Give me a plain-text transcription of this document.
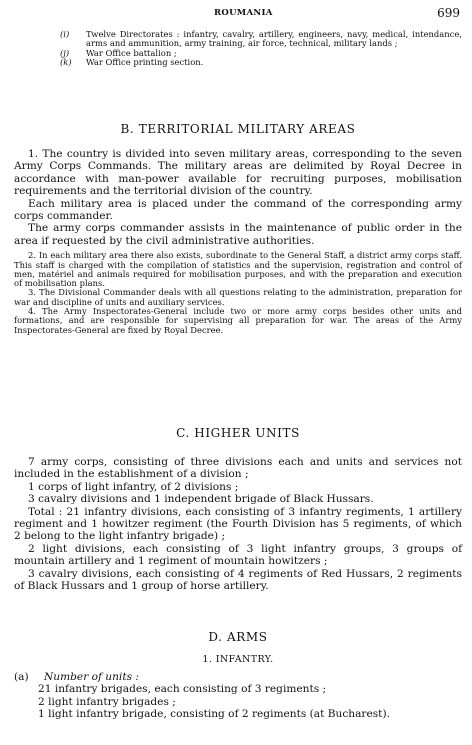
ROUMANIA	699

(i) Twelve Directorates : infantry, cavalry, artillery, engineers, navy, medical, intendance, arms and ammunition, army training, air force, technical, military lands ;

(j) War Office battalion ;

(k) War Office printing section.

B. TERRITORIAL MILITARY AREAS

1. The country is divided into seven military areas, corresponding to the seven Army Corps Commands. The military areas are delimited by Royal Decree in accordance with man-power available for recruiting purposes, mobilisation requirements and the territorial division of the country.

Each military area is placed under the command of the corresponding army corps commander.

The army corps commander assists in the maintenance of public order in the area if requested by the civil administrative authorities.

2. In each military area there also exists, subordinate to the General Staff, a district army corps staff. This staff is charged with the compilation of statistics and the supervision, registration and control of men, matériel and animals required for mobilisation purposes, and with the preparation and execution of mobilisation plans.

3. The Divisional Commander deals with all questions relating to the administration, preparation for war and discipline of units and auxiliary services.

4. The Army Inspectorates-General include two or more army corps besides other units and formations, and are responsible for supervising all preparation for war. The areas of the Army Inspectorates-General are fixed by Royal Decree.

C. HIGHER UNITS

7 army corps, consisting of three divisions each and units and services not included in the establishment of a division ;

1 corps of light infantry, of 2 divisions ;

3 cavalry divisions and 1 independent brigade of Black Hussars.

Total : 21 infantry divisions, each consisting of 3 infantry regiments, 1 artillery regiment and 1 howitzer regiment (the Fourth Division has 5 regiments, of which 2 belong to the light infantry brigade) ;

2 light divisions, each consisting of 3 light infantry groups, 3 groups of mountain artillery and 1 regiment of mountain howitzers ;

3 cavalry divisions, each consisting of 4 regiments of Red Hussars, 2 regiments of Black Hussars and 1 group of horse artillery.

D. ARMS
1. INFANTRY.

(a) Number of units :

21 infantry brigades, each consisting of 3 regiments ;

2 light infantry brigades ;

1 light infantry brigade, consisting of 2 regiments (at Bucharest).
